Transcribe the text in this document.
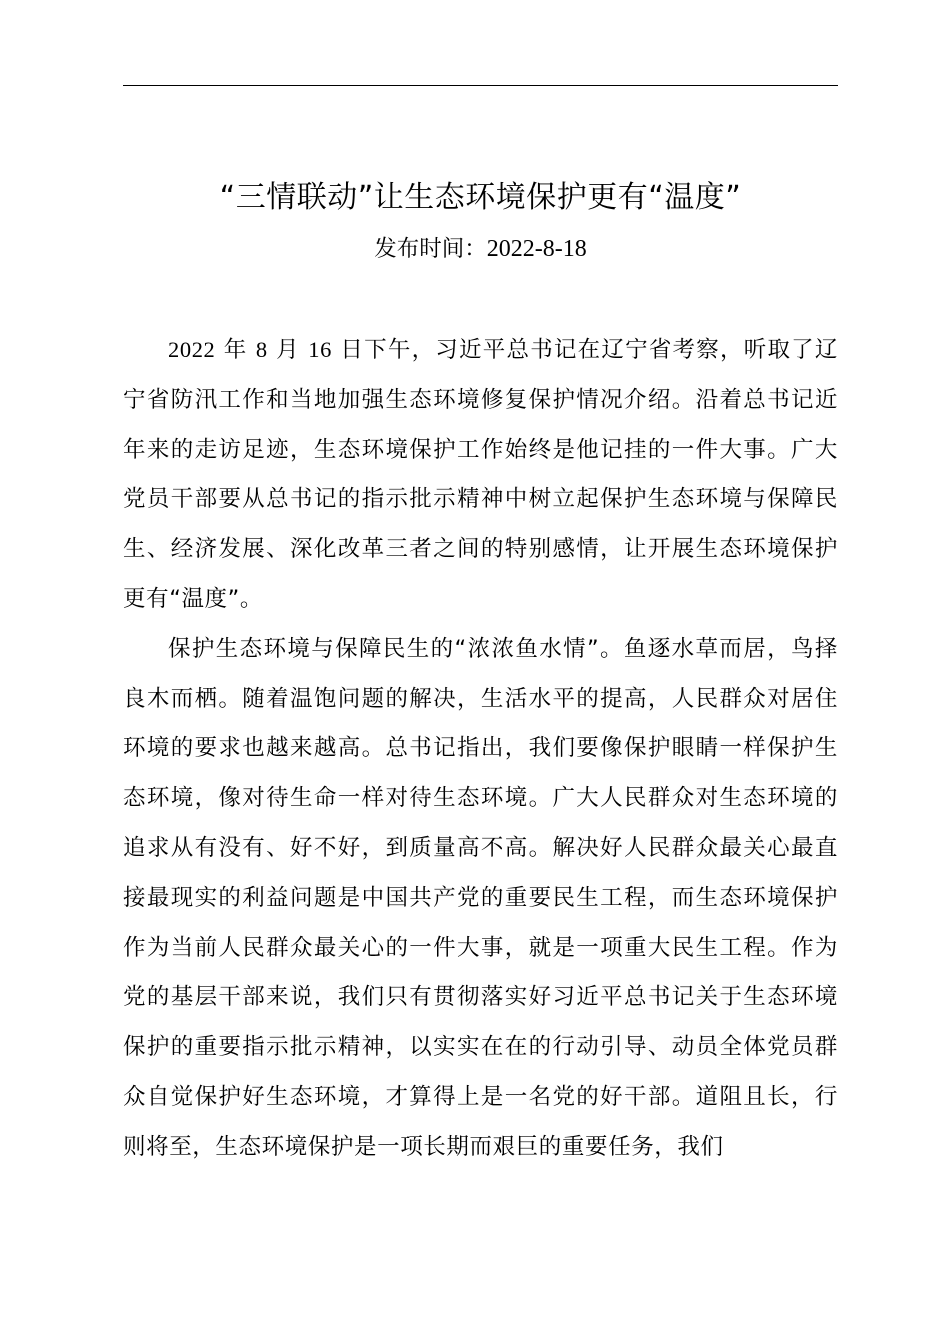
“三情联动”让生态环境保护更有“温度”
发布时间：2022-8-18

2022 年 8 月 16 日下午，习近平总书记在辽宁省考察，听取了辽宁省防汛工作和当地加强生态环境修复保护情况介绍。沿着总书记近年来的走访足迹，生态环境保护工作始终是他记挂的一件大事。广大党员干部要从总书记的指示批示精神中树立起保护生态环境与保障民生、经济发展、深化改革三者之间的特别感情，让开展生态环境保护更有“温度”。

保护生态环境与保障民生的“浓浓鱼水情”。鱼逐水草而居，鸟择良木而栖。随着温饱问题的解决，生活水平的提高，人民群众对居住环境的要求也越来越高。总书记指出，我们要像保护眼睛一样保护生态环境，像对待生命一样对待生态环境。广大人民群众对生态环境的追求从有没有、好不好，到质量高不高。解决好人民群众最关心最直接最现实的利益问题是中国共产党的重要民生工程，而生态环境保护作为当前人民群众最关心的一件大事，就是一项重大民生工程。作为党的基层干部来说，我们只有贯彻落实好习近平总书记关于生态环境保护的重要指示批示精神，以实实在在的行动引导、动员全体党员群众自觉保护好生态环境，才算得上是一名党的好干部。道阻且长，行则将至，生态环境保护是一项长期而艰巨的重要任务，我们
